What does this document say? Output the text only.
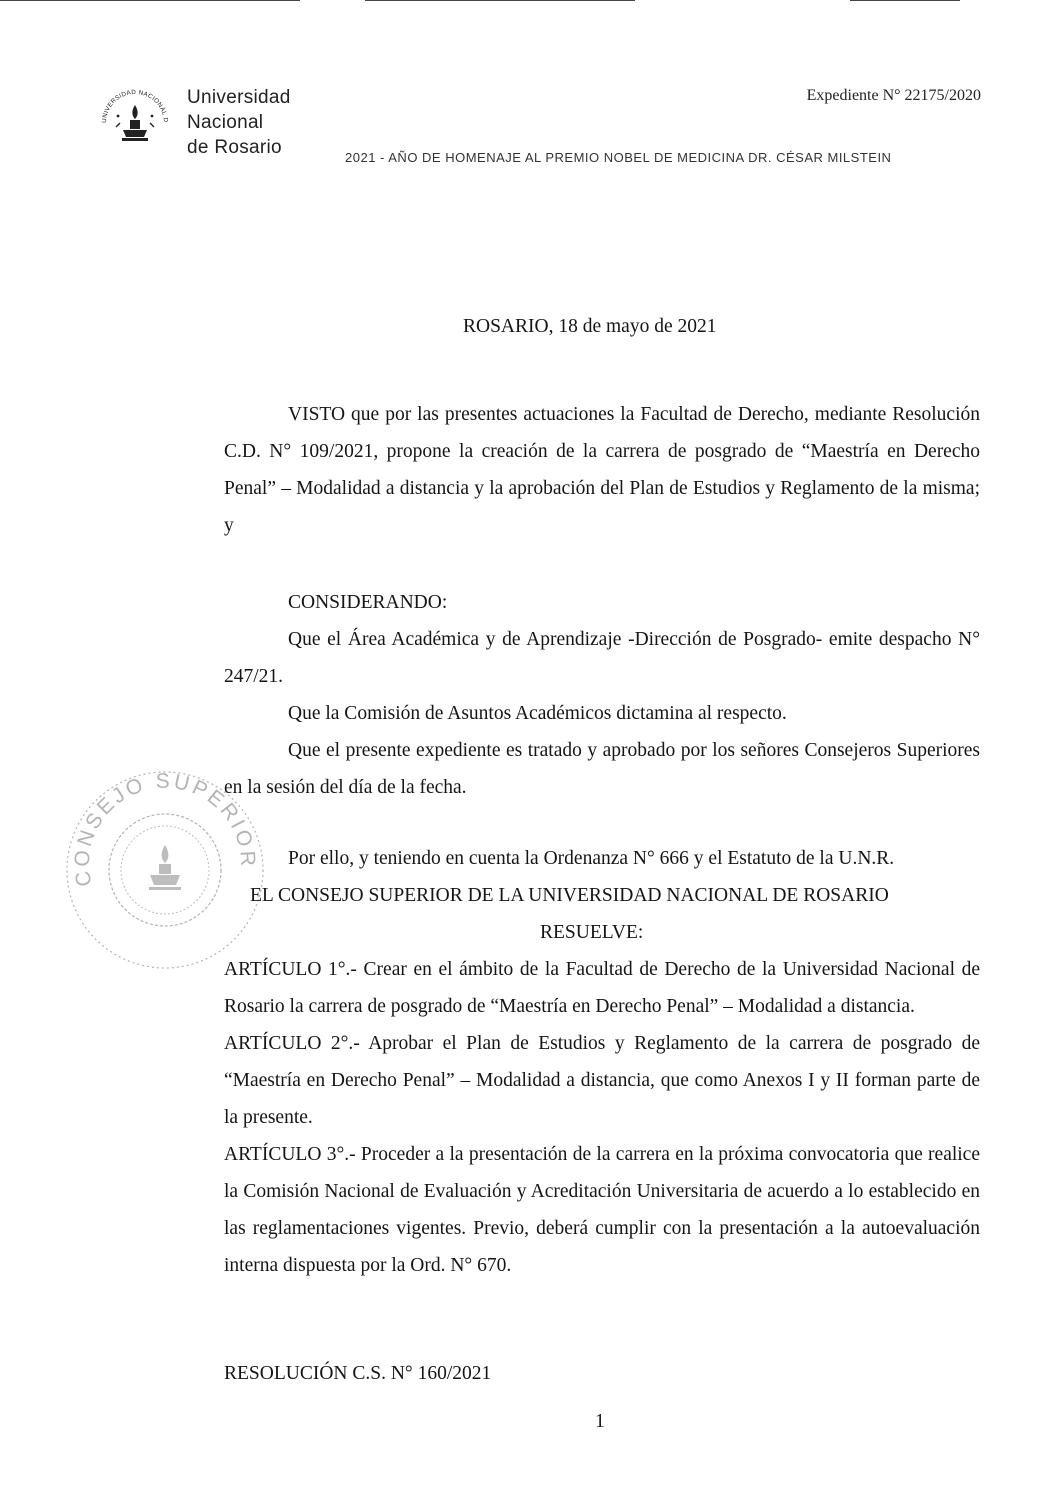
UNIVERSIDAD NACIONAL D
Universidad
Nacional
de Rosario
Expediente N° 22175/2020
2021 - AÑO DE HOMENAJE AL PREMIO NOBEL DE MEDICINA DR. CÉSAR MILSTEIN
ROSARIO, 18 de mayo de 2021

VISTO que por las presentes actuaciones la Facultad de Derecho, mediante Resolución C.D. N° 109/2021, propone la creación de la carrera de posgrado de “Maestría en Derecho Penal” – Modalidad a distancia y la aprobación del Plan de Estudios y Reglamento de la misma; y

CONSIDERANDO:

Que el Área Académica y de Aprendizaje -Dirección de Posgrado- emite despacho N° 247/21.

Que la Comisión de Asuntos Académicos dictamina al respecto.

Que el presente expediente es tratado y aprobado por los señores Consejeros Superiores en la sesión del día de la fecha.

CONSEJO SUPERIOR Por ello, y teniendo en cuenta la Ordenanza N° 666 y el Estatuto de la U.N.R.
EL CONSEJO SUPERIOR DE LA UNIVERSIDAD NACIONAL DE ROSARIO
RESUELVE:

ARTÍCULO 1°.- Crear en el ámbito de la Facultad de Derecho de la Universidad Nacional de Rosario la carrera de posgrado de “Maestría en Derecho Penal” – Modalidad a distancia.

ARTÍCULO 2°.- Aprobar el Plan de Estudios y Reglamento de la carrera de posgrado de “Maestría en Derecho Penal” – Modalidad a distancia, que como Anexos I y II forman parte de la presente.

ARTÍCULO 3°.- Proceder a la presentación de la carrera en la próxima convocatoria que realice la Comisión Nacional de Evaluación y Acreditación Universitaria de acuerdo a lo establecido en las reglamentaciones vigentes. Previo, deberá cumplir con la presentación a la autoevaluación interna dispuesta por la Ord. N° 670.

RESOLUCIÓN C.S. N° 160/2021
1
